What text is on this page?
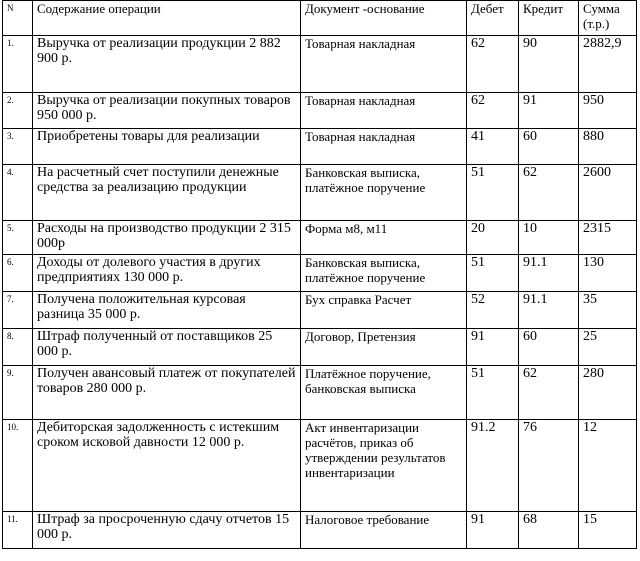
N	Содержание операции	Документ -основание	Дебет	Кредит	Сумма (т.р.)
1.	Выручка от реализации продукции 2 882 900 р.	Товарная накладная	62	90	2882,9
2.	Выручка от реализации покупных товаров 950 000 р.	Товарная накладная	62	91	950
3.	Приобретены товары для реализации	Товарная накладная	41	60	880
4.	На расчетный счет поступили денежные средства за реализацию продукции	Банковская выписка, платёжное поручение	51	62	2600
5.	Расходы на производство продукции 2 315 000р	Форма м8, м11	20	10	2315
6.	Доходы от долевого участия в других предприятиях 130 000 р.	Банковская выписка, платёжное поручение	51	91.1	130
7.	Получена положительная курсовая разница 35 000 р.	Бух справка Расчет	52	91.1	35
8.	Штраф полученный от поставщиков 25 000 р.	Договор, Претензия	91	60	25
9.	Получен авансовый платеж от покупателей товаров 280 000 р.	Платёжное поручение, банковская выписка	51	62	280
10.	Дебиторская задолженность с истекшим сроком исковой давности 12 000 р.	Акт инвентаризации расчётов, приказ об утверждении результатов инвентаризации	91.2	76	12
11.	Штраф за просроченную сдачу отчетов 15 000 р.	Налоговое требование	91	68	15
